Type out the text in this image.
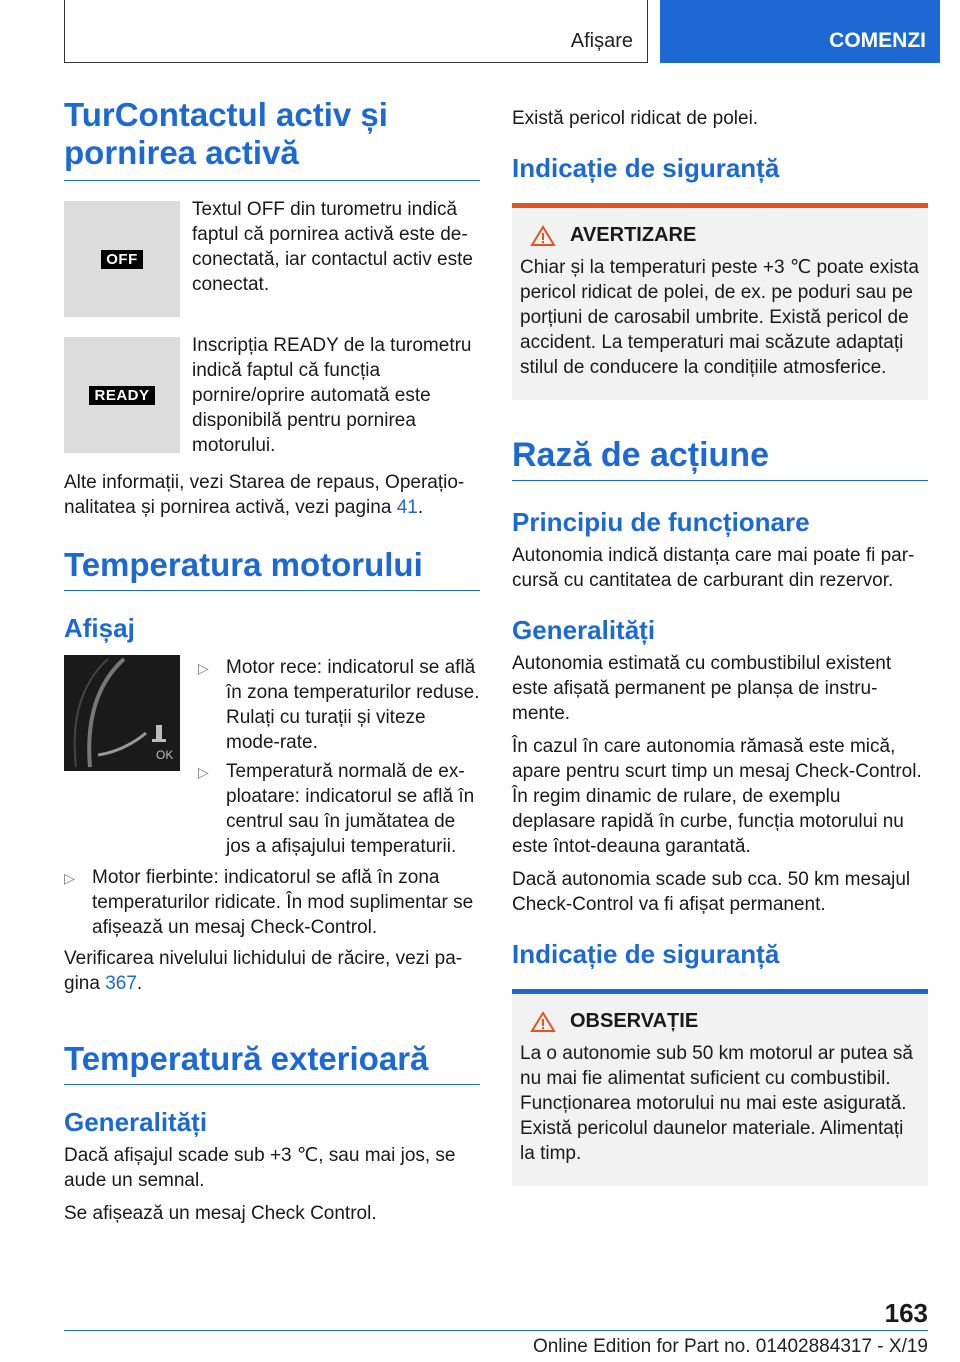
Afișare	COMENZI
TurContactul activ și pornirea activă
OFF

Textul OFF din turometru indică faptul că pornirea activă este de-conectată, iar contactul activ este conectat.

READY

Inscripția READY de la turometru indică faptul că funcția pornire/oprire automată este disponibilă pentru pornirea motorului.

Alte informații, vezi Starea de repaus, Operațio-nalitatea și pornirea activă, vezi pagina 41.

Temperatura motorului
Afișaj
OK
▷ Motor rece: indicatorul se află în zona temperaturilor reduse. Rulați cu turații și viteze mode-rate.
▷ Temperatură normală de ex-ploatare: indicatorul se află în centrul sau în jumătatea de jos a afișajului temperaturii.
▷ Motor fierbinte: indicatorul se află în zona temperaturilor ridicate. În mod suplimentar se afișează un mesaj Check-Control.

Verificarea nivelului lichidului de răcire, vezi pa-gina 367.

Temperatură exterioară
Generalități

Dacă afișajul scade sub +3 ℃, sau mai jos, se aude un semnal.

Se afișează un mesaj Check Control.

Există pericol ridicat de polei.

Indicație de siguranță
AVERTIZARE

Chiar și la temperaturi peste +3 ℃ poate exista pericol ridicat de polei, de ex. pe poduri sau pe porțiuni de carosabil umbrite. Există pericol de accident. La temperaturi mai scăzute adaptați stilul de conducere la condițiile atmosferice.

Rază de acțiune
Principiu de funcționare

Autonomia indică distanța care mai poate fi par-cursă cu cantitatea de carburant din rezervor.

Generalități

Autonomia estimată cu combustibilul existent este afișată permanent pe planșa de instru-mente.

În cazul în care autonomia rămasă este mică, apare pentru scurt timp un mesaj Check-Control. În regim dinamic de rulare, de exemplu deplasare rapidă în curbe, funcția motorului nu este întot-deauna garantată.

Dacă autonomia scade sub cca. 50 km mesajul Check-Control va fi afișat permanent.

Indicație de siguranță
OBSERVAȚIE

La o autonomie sub 50 km motorul ar putea să nu mai fie alimentat suficient cu combustibil. Funcționarea motorului nu mai este asigurată. Există pericolul daunelor materiale. Alimentați la timp.

163
Online Edition for Part no. 01402884317 - X/19
